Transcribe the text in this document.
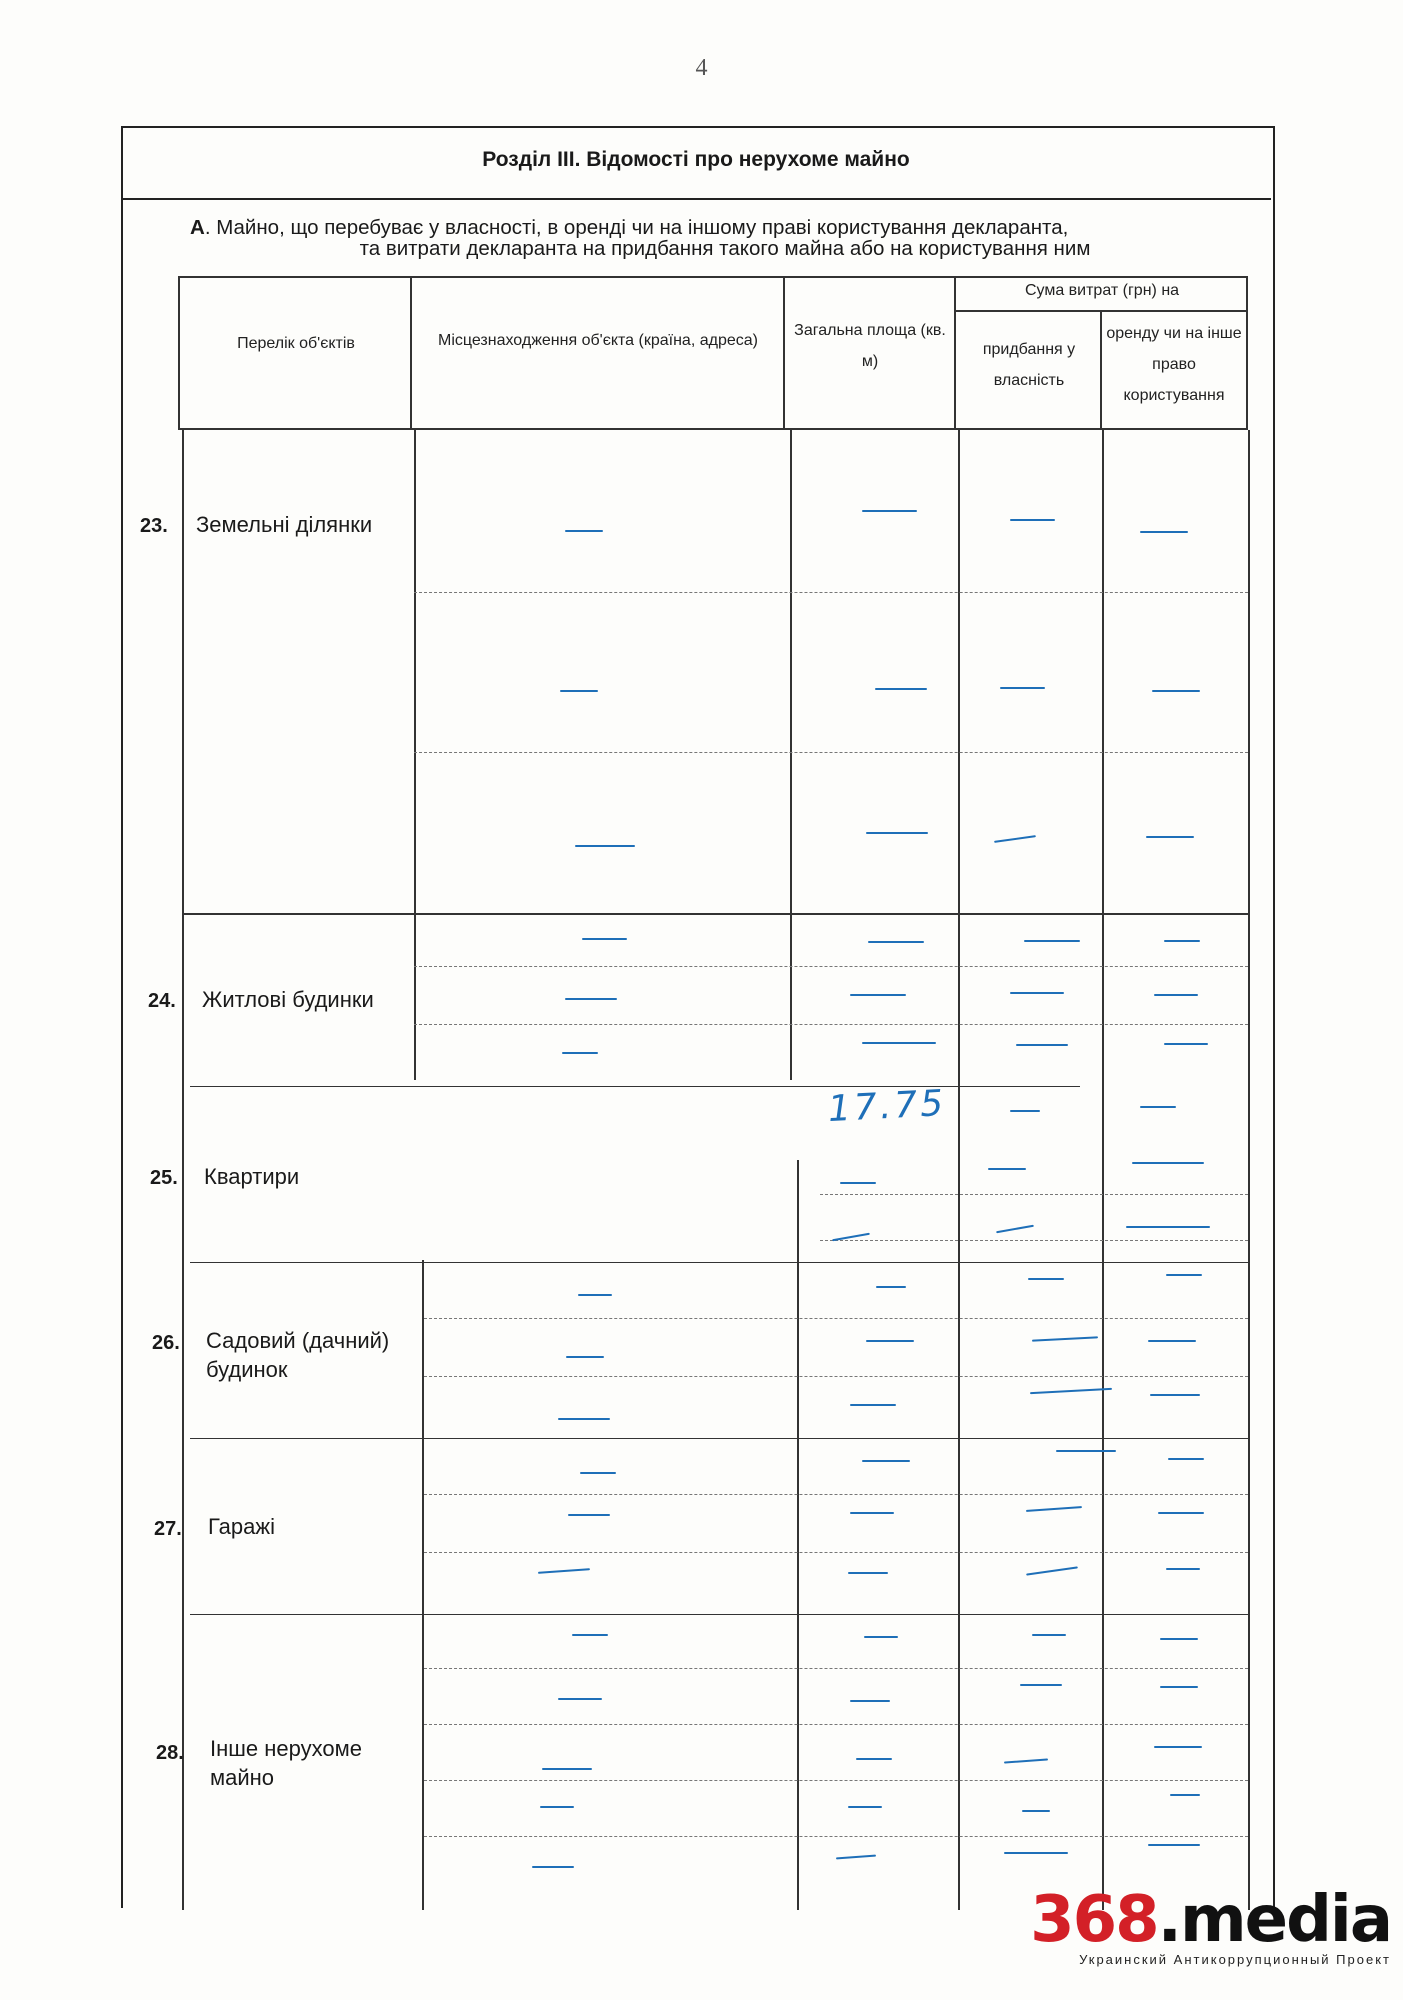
4
Розділ III. Відомості про нерухоме майно
А. Майно, що перебуває у власності, в оренді чи на іншому праві користування декларанта,
та витрати декларанта на придбання такого майна або на користування ним
Перелік об'єктів	Місцезнаходження об'єкта (країна, адреса)
Загальна площа (кв. м)
Сума витрат (грн) на
придбання у власність
оренду чи на інше право користування
23. Земельні ділянки
24. Житлові будинки
25. Квартири
26. Садовий (дачний) будинок
27. Гаражі
28. Інше нерухоме майно
17.75
368.media
Украинский Антикоррупционный Проект
